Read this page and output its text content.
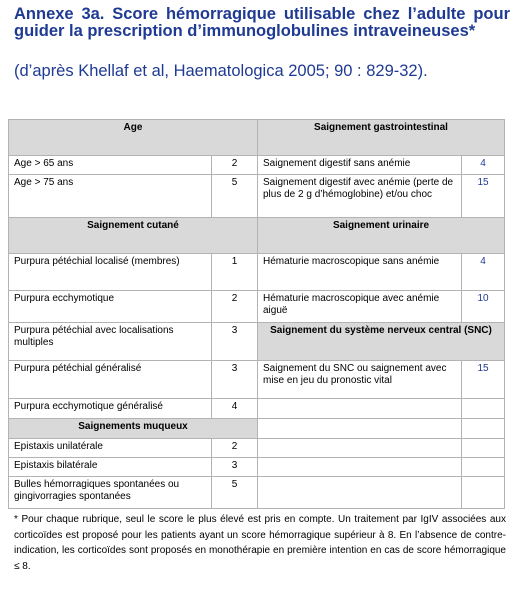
Annexe 3a. Score hémorragique utilisable chez l’adulte pour guider la prescription d’immunoglobulines intraveineuses*
(d’après Khellaf et al, Haematologica 2005; 90 : 829-32).
Age		Saignement gastrointestinal	
Age > 65 ans	2	Saignement digestif sans anémie	4
Age > 75 ans	5	Saignement digestif avec anémie (perte de plus de 2 g d’hémoglobine) et/ou choc	15
Saignement cutané		Saignement urinaire	
Purpura pétéchial localisé (membres)	1	Hématurie macroscopique sans anémie	4
Purpura ecchymotique	2	Hématurie macroscopique avec anémie aiguë	10
Purpura pétéchial avec localisations multiples	3	Saignement du système nerveux central (SNC)	
Purpura pétéchial généralisé	3	Saignement du SNC ou saignement avec mise en jeu du pronostic vital	15
Purpura ecchymotique généralisé	4		
Saignements muqueux			
Epistaxis unilatérale	2		
Epistaxis bilatérale	3		
Bulles hémorragiques spontanées ou gingivorragies spontanées	5		
* Pour chaque rubrique, seul le score le plus élevé est pris en compte. Un traitement par IgIV associées aux corticoïdes est proposé pour les patients ayant un score hémorragique supérieur à 8. En l’absence de contre-indication, les corticoïdes sont proposés en monothérapie en première intention en cas de score hémorragique ≤ 8.
